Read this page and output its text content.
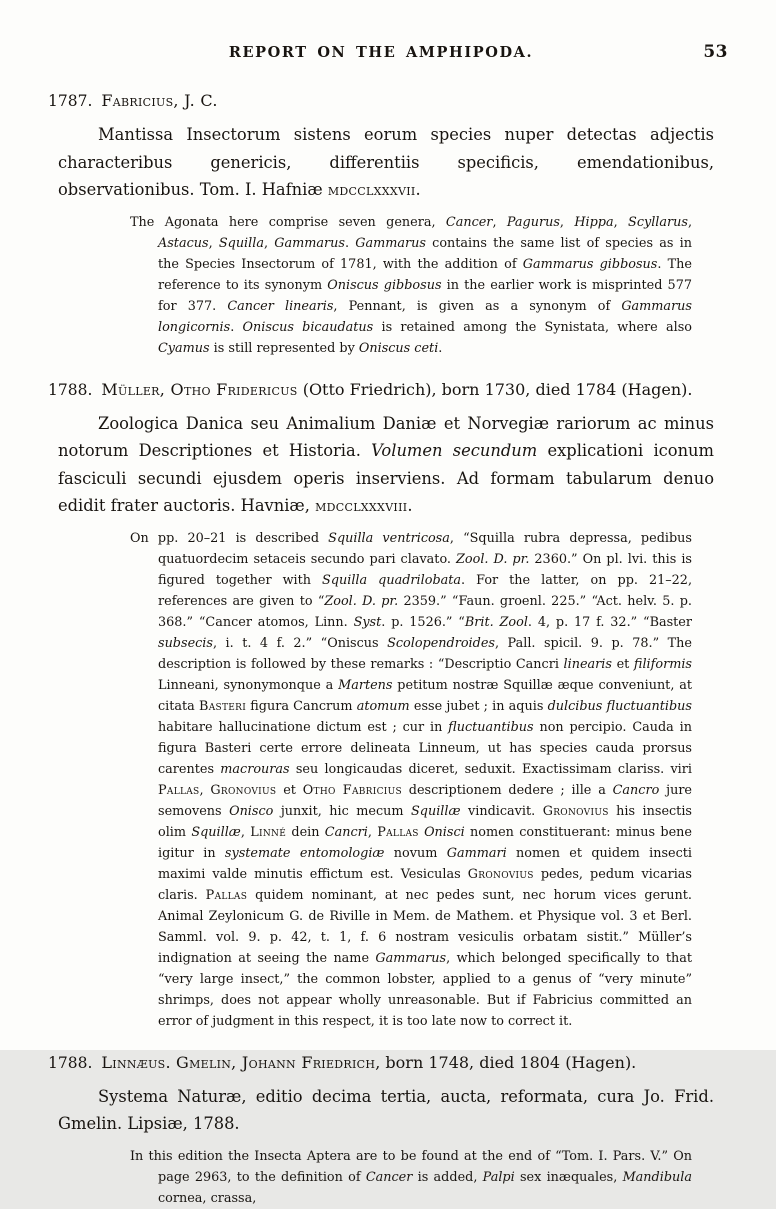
REPORT ON THE AMPHIPODA.	53
1787. Fabricius, J. C.

Mantissa Insectorum sistens eorum species nuper detectas adjectis characteribus genericis, differentiis specificis, emendationibus, observationibus. Tom. I. Hafniæ mdcclxxxvii.

The Agonata here comprise seven genera, Cancer, Pagurus, Hippa, Scyllarus, Astacus, Squilla, Gammarus. Gammarus contains the same list of species as in the Species Insectorum of 1781, with the addition of Gammarus gibbosus. The reference to its synonym Oniscus gibbosus in the earlier work is misprinted 577 for 377. Cancer linearis, Pennant, is given as a synonym of Gammarus longicornis. Oniscus bicaudatus is retained among the Synistata, where also Cyamus is still represented by Oniscus ceti.

1788. Müller, Otho Fridericus (Otto Friedrich), born 1730, died 1784 (Hagen).

Zoologica Danica seu Animalium Daniæ et Norvegiæ rariorum ac minus notorum Descriptiones et Historia. Volumen secundum explicationi iconum fasciculi secundi ejusdem operis inserviens. Ad formam tabularum denuo edidit frater auctoris. Havniæ, mdcclxxxviii.

On pp. 20–21 is described Squilla ventricosa, “Squilla rubra depressa, pedibus quatuordecim setaceis secundo pari clavato. Zool. D. pr. 2360.” On pl. lvi. this is figured together with Squilla quadrilobata. For the latter, on pp. 21–22, references are given to “Zool. D. pr. 2359.” “Faun. groenl. 225.” “Act. helv. 5. p. 368.” “Cancer atomos, Linn. Syst. p. 1526.” “Brit. Zool. 4, p. 17 f. 32.” “Baster subsecis, i. t. 4 f. 2.” “Oniscus Scolopendroides, Pall. spicil. 9. p. 78.” The description is followed by these remarks : “Descriptio Cancri linearis et filiformis Linneani, synonymonque a Martens petitum nostræ Squillæ æque conveniunt, at citata Basteri figura Cancrum atomum esse jubet ; in aquis dulcibus fluctuantibus habitare hallucinatione dictum est ; cur in fluctuantibus non percipio. Cauda in figura Basteri certe errore delineata Linneum, ut has species cauda prorsus carentes macrouras seu longicaudas diceret, seduxit. Exactissimam clariss. viri Pallas, Gronovius et Otho Fabricius descriptionem dedere ; ille a Cancro jure semovens Onisco junxit, hic mecum Squillæ vindicavit. Gronovius his insectis olim Squillæ, Linné dein Cancri, Pallas Onisci nomen constituerant: minus bene igitur in systemate entomologiæ novum Gammari nomen et quidem insecti maximi valde minutis effictum est. Vesiculas Gronovius pedes, pedum vicarias claris. Pallas quidem nominant, at nec pedes sunt, nec horum vices gerunt. Animal Zeylonicum G. de Riville in Mem. de Mathem. et Physique vol. 3 et Berl. Samml. vol. 9. p. 42, t. 1, f. 6 nostram vesiculis orbatam sistit.” Müller’s indignation at seeing the name Gammarus, which belonged specifically to that “very large insect,” the common lobster, applied to a genus of “very minute” shrimps, does not appear wholly unreasonable. But if Fabricius committed an error of judgment in this respect, it is too late now to correct it.

1788. Linnæus. Gmelin, Johann Friedrich, born 1748, died 1804 (Hagen).

Systema Naturæ, editio decima tertia, aucta, reformata, cura Jo. Frid. Gmelin. Lipsiæ, 1788.

In this edition the Insecta Aptera are to be found at the end of “Tom. I. Pars. V.” On page 2963, to the definition of Cancer is added, Palpi sex inæquales, Mandibula cornea, crassa,
